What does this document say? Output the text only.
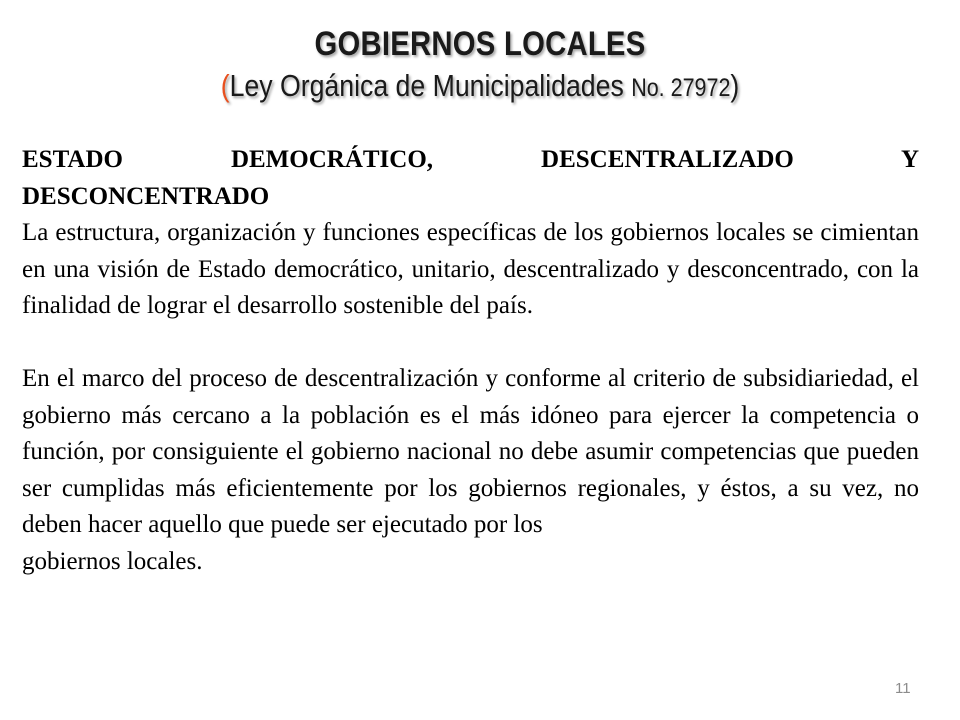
GOBIERNOS LOCALES
(Ley Orgánica de Municipalidades No. 27972)

ESTADO DEMOCRÁTICO, DESCENTRALIZADO Y
DESCONCENTRADO

La estructura, organización y funciones específicas de los gobiernos locales se cimientan en una visión de Estado democrático, unitario, descentralizado y desconcentrado, con la finalidad de lograr el desarrollo sostenible del país.

En el marco del proceso de descentralización y conforme al criterio de subsidiariedad, el gobierno más cercano a la población es el más idóneo para ejercer la competencia o función, por consiguiente el gobierno nacional no debe asumir competencias que pueden ser cumplidas más eficientemente por los gobiernos regionales, y éstos, a su vez, no deben hacer aquello que puede ser ejecutado por los

gobiernos locales.

11
